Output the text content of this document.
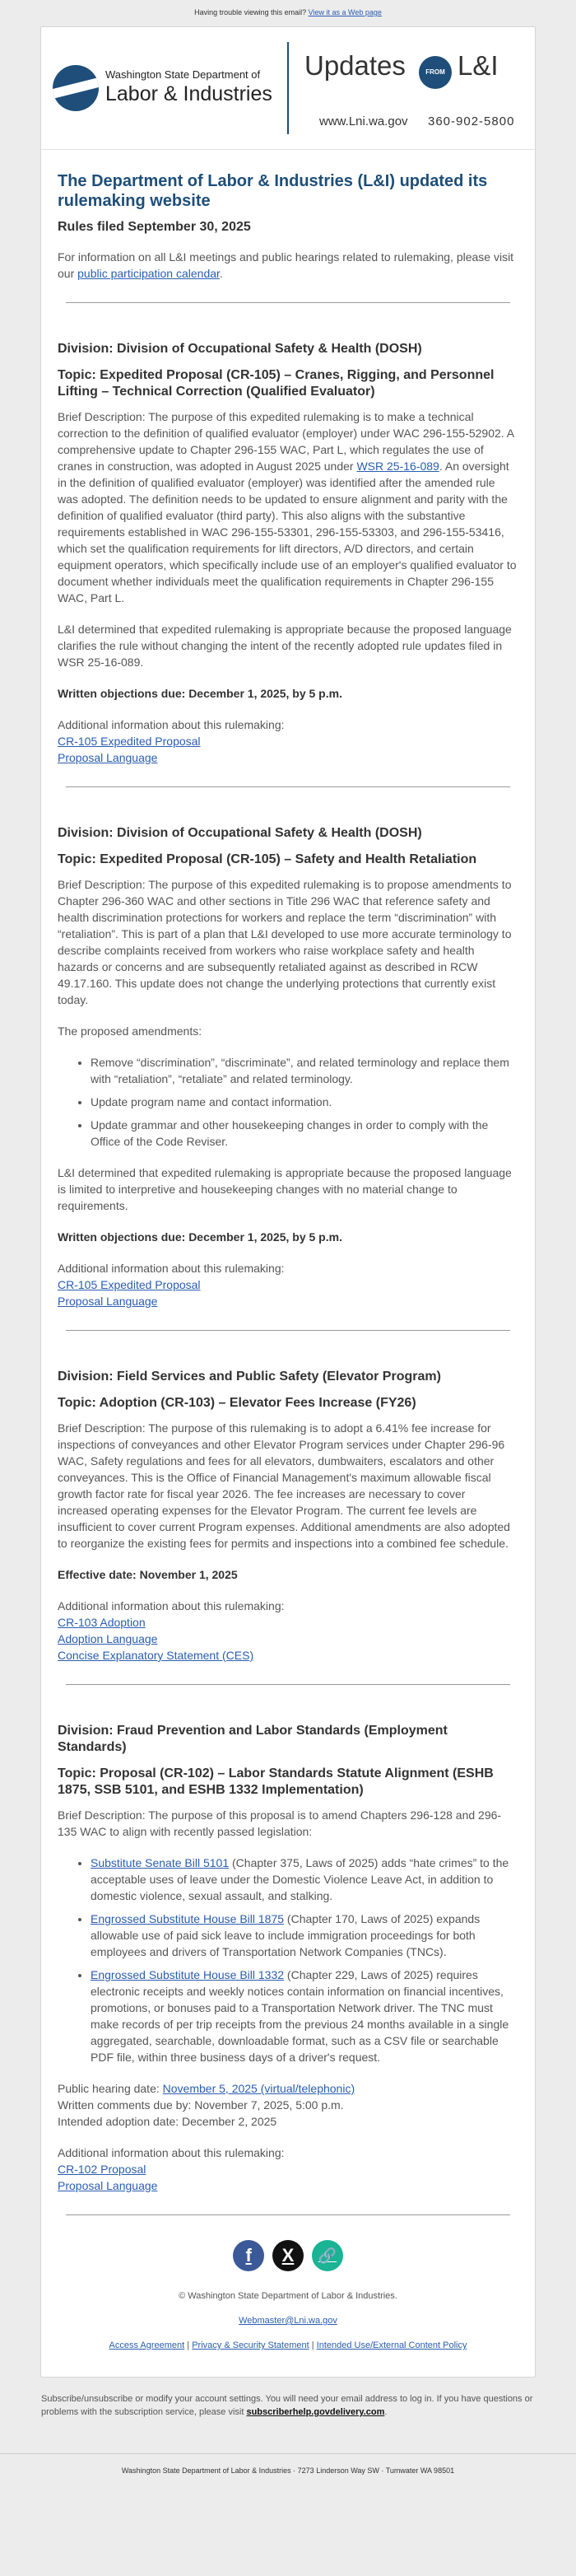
Having trouble viewing this email? View it as a Web page
Washington State Department of
Labor & Industries
Updates	FROM L&I
www.Lni.wa.gov 360-902-5800
The Department of Labor & Industries (L&I) updated its rulemaking website
Rules filed September 30, 2025

For information on all L&I meetings and public hearings related to rulemaking, please visit our public participation calendar.

Division: Division of Occupational Safety & Health (DOSH)
Topic: Expedited Proposal (CR-105) – Cranes, Rigging, and Personnel Lifting – Technical Correction (Qualified Evaluator)

Brief Description: The purpose of this expedited rulemaking is to make a technical correction to the definition of qualified evaluator (employer) under WAC 296-155-52902. A comprehensive update to Chapter 296-155 WAC, Part L, which regulates the use of cranes in construction, was adopted in August 2025 under WSR 25-16-089. An oversight in the definition of qualified evaluator (employer) was identified after the amended rule was adopted. The definition needs to be updated to ensure alignment and parity with the definition of qualified evaluator (third party). This also aligns with the substantive requirements established in WAC 296-155-53301, 296-155-53303, and 296-155-53416, which set the qualification requirements for lift directors, A/D directors, and certain equipment operators, which specifically include use of an employer's qualified evaluator to document whether individuals meet the qualification requirements in Chapter 296-155 WAC, Part L.

L&I determined that expedited rulemaking is appropriate because the proposed language clarifies the rule without changing the intent of the recently adopted rule updates filed in WSR 25-16-089.

Written objections due: December 1, 2025, by 5 p.m.

Additional information about this rulemaking:
CR-105 Expedited Proposal
Proposal Language
Division: Division of Occupational Safety & Health (DOSH)
Topic: Expedited Proposal (CR-105) – Safety and Health Retaliation

Brief Description: The purpose of this expedited rulemaking is to propose amendments to Chapter 296-360 WAC and other sections in Title 296 WAC that reference safety and health discrimination protections for workers and replace the term “discrimination” with “retaliation”. This is part of a plan that L&I developed to use more accurate terminology to describe complaints received from workers who raise workplace safety and health hazards or concerns and are subsequently retaliated against as described in RCW 49.17.160. This update does not change the underlying protections that currently exist today.

The proposed amendments:

• Remove “discrimination”, “discriminate”, and related terminology and replace them with “retaliation”, “retaliate” and related terminology.
• Update program name and contact information.
• Update grammar and other housekeeping changes in order to comply with the Office of the Code Reviser.

L&I determined that expedited rulemaking is appropriate because the proposed language is limited to interpretive and housekeeping changes with no material change to requirements.

Written objections due: December 1, 2025, by 5 p.m.

Additional information about this rulemaking:
CR-105 Expedited Proposal
Proposal Language
Division: Field Services and Public Safety (Elevator Program)
Topic: Adoption (CR-103) – Elevator Fees Increase (FY26)

Brief Description: The purpose of this rulemaking is to adopt a 6.41% fee increase for inspections of conveyances and other Elevator Program services under Chapter 296-96 WAC, Safety regulations and fees for all elevators, dumbwaiters, escalators and other conveyances. This is the Office of Financial Management's maximum allowable fiscal growth factor rate for fiscal year 2026. The fee increases are necessary to cover increased operating expenses for the Elevator Program. The current fee levels are insufficient to cover current Program expenses. Additional amendments are also adopted to reorganize the existing fees for permits and inspections into a combined fee schedule.

Effective date: November 1, 2025

Additional information about this rulemaking:
CR-103 Adoption
Adoption Language
Concise Explanatory Statement (CES)
Division: Fraud Prevention and Labor Standards (Employment Standards)
Topic: Proposal (CR-102) – Labor Standards Statute Alignment (ESHB 1875, SSB 5101, and ESHB 1332 Implementation)

Brief Description: The purpose of this proposal is to amend Chapters 296-128 and 296-135 WAC to align with recently passed legislation:

• Substitute Senate Bill 5101 (Chapter 375, Laws of 2025) adds “hate crimes” to the acceptable uses of leave under the Domestic Violence Leave Act, in addition to domestic violence, sexual assault, and stalking.
• Engrossed Substitute House Bill 1875 (Chapter 170, Laws of 2025) expands allowable use of paid sick leave to include immigration proceedings for both employees and drivers of Transportation Network Companies (TNCs).
• Engrossed Substitute House Bill 1332 (Chapter 229, Laws of 2025) requires electronic receipts and weekly notices contain information on financial incentives, promotions, or bonuses paid to a Transportation Network driver. The TNC must make records of per trip receipts from the previous 24 months available in a single aggregated, searchable, downloadable format, such as a CSV file or searchable PDF file, within three business days of a driver's request.
Public hearing date: November 5, 2025 (virtual/telephonic)
Written comments due by: November 7, 2025, 5:00 p.m.

Intended adoption date: December 2, 2025

Additional information about this rulemaking:
CR-102 Proposal
Proposal Language
f X 🔗

© Washington State Department of Labor & Industries.

Webmaster@Lni.wa.gov

Access Agreement | Privacy & Security Statement | Intended Use/External Content Policy

Subscribe/unsubscribe or modify your account settings. You will need your email address to log in. If you have questions or problems with the subscription service, please visit subscriberhelp.govdelivery.com.
Washington State Department of Labor & Industries · 7273 Linderson Way SW · Tumwater WA 98501
